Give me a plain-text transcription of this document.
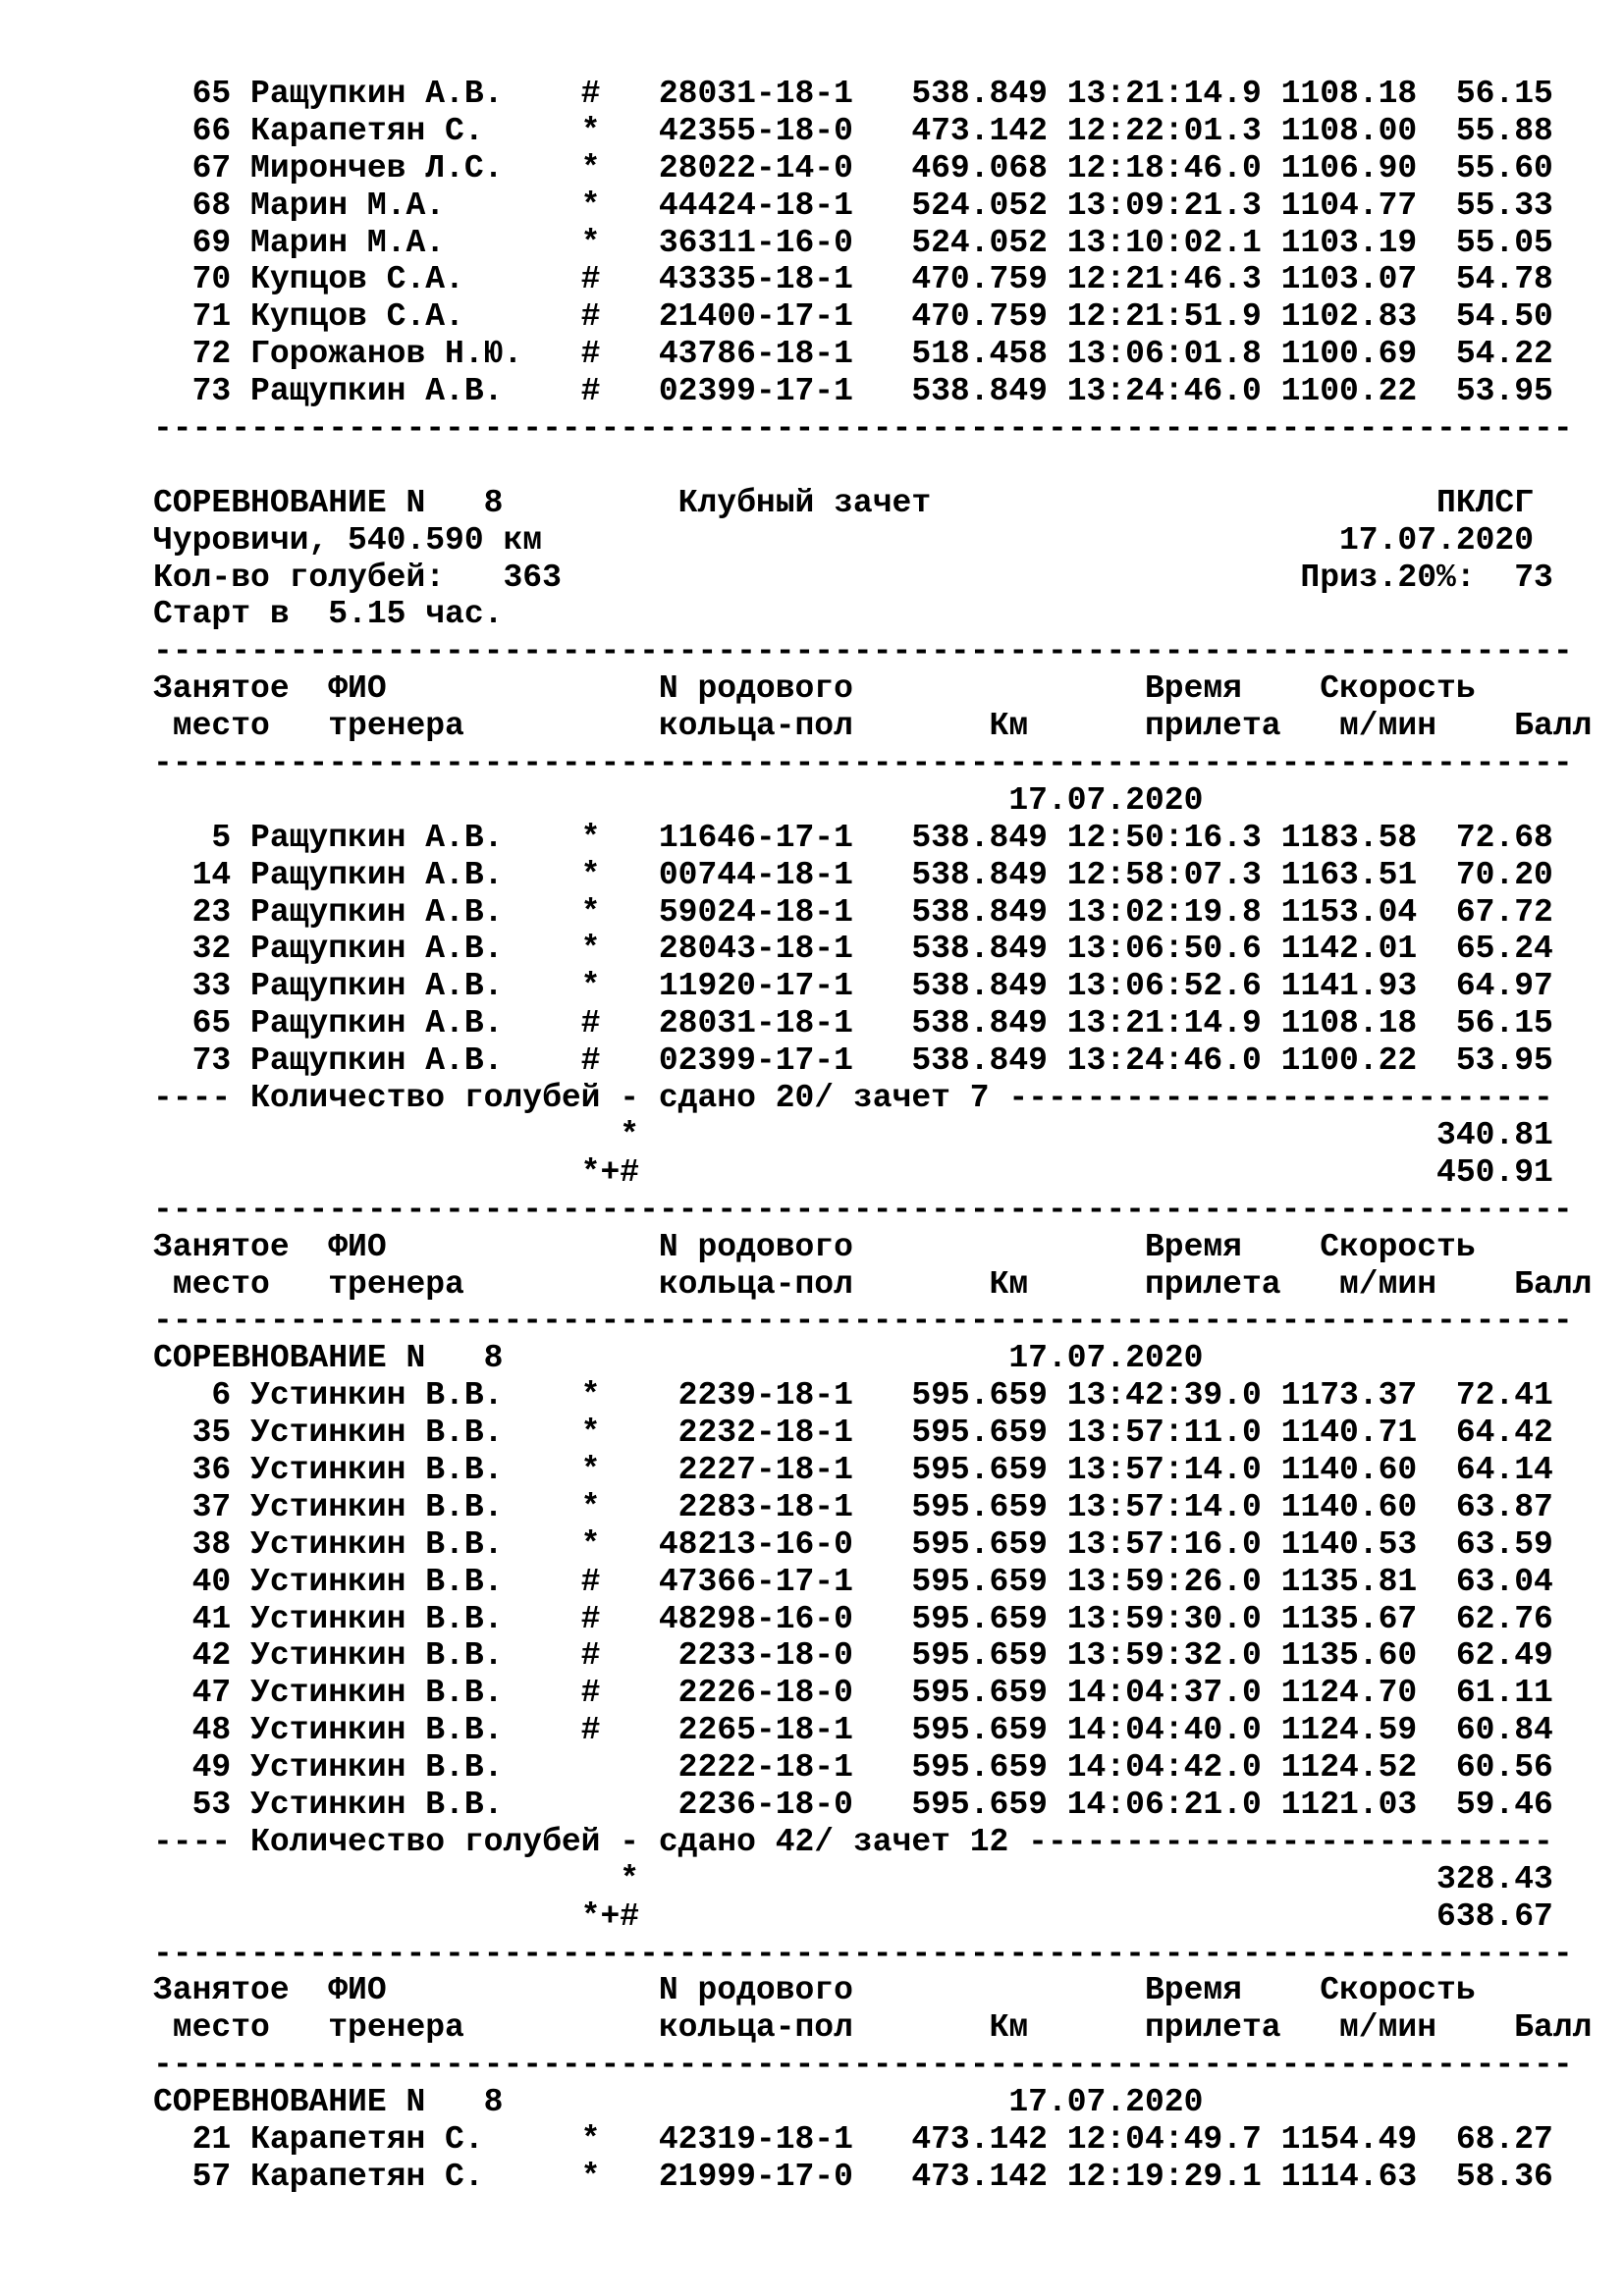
65 Ращупкин А.В.    #   28031-18-1   538.849 13:21:14.9 1108.18  56.15
66 Карапетян С.     *   42355-18-0   473.142 12:22:01.3 1108.00  55.88
67 Мирончев Л.С.    *   28022-14-0   469.068 12:18:46.0 1106.90  55.60
68 Марин М.А.       *   44424-18-1   524.052 13:09:21.3 1104.77  55.33
69 Марин М.А.       *   36311-16-0   524.052 13:10:02.1 1103.19  55.05
70 Купцов С.А.      #   43335-18-1   470.759 12:21:46.3 1103.07  54.78
71 Купцов С.А.      #   21400-17-1   470.759 12:21:51.9 1102.83  54.50
72 Горожанов Н.Ю.   #   43786-18-1   518.458 13:06:01.8 1100.69  54.22
73 Ращупкин А.В.    #   02399-17-1   538.849 13:24:46.0 1100.22  53.95
-------------------------------------------------------------------------
СОРЕВНОВАНИЕ N   8         Клубный зачет                          ПКЛСГ
Чуровичи, 540.590 км                                         17.07.2020
Кол-во голубей:   363                                      Приз.20%:  73
Старт в  5.15 час.
-------------------------------------------------------------------------
Занятое  ФИО              N родового               Время    Скорость
место   тренера          кольца-пол       Км      прилета   м/мин    Балл
-------------------------------------------------------------------------
17.07.2020
5 Ращупкин А.В.    *   11646-17-1   538.849 12:50:16.3 1183.58  72.68
14 Ращупкин А.В.    *   00744-18-1   538.849 12:58:07.3 1163.51  70.20
23 Ращупкин А.В.    *   59024-18-1   538.849 13:02:19.8 1153.04  67.72
32 Ращупкин А.В.    *   28043-18-1   538.849 13:06:50.6 1142.01  65.24
33 Ращупкин А.В.    *   11920-17-1   538.849 13:06:52.6 1141.93  64.97
65 Ращупкин А.В.    #   28031-18-1   538.849 13:21:14.9 1108.18  56.15
73 Ращупкин А.В.    #   02399-17-1   538.849 13:24:46.0 1100.22  53.95
---- Количество голубей - сдано 20/ зачет 7 ----------------------------
*                                         340.81
*+#                                         450.91
-------------------------------------------------------------------------
Занятое  ФИО              N родового               Время    Скорость
место   тренера          кольца-пол       Км      прилета   м/мин    Балл
-------------------------------------------------------------------------
СОРЕВНОВАНИЕ N   8                          17.07.2020
6 Устинкин В.В.    *    2239-18-1   595.659 13:42:39.0 1173.37  72.41
35 Устинкин В.В.    *    2232-18-1   595.659 13:57:11.0 1140.71  64.42
36 Устинкин В.В.    *    2227-18-1   595.659 13:57:14.0 1140.60  64.14
37 Устинкин В.В.    *    2283-18-1   595.659 13:57:14.0 1140.60  63.87
38 Устинкин В.В.    *   48213-16-0   595.659 13:57:16.0 1140.53  63.59
40 Устинкин В.В.    #   47366-17-1   595.659 13:59:26.0 1135.81  63.04
41 Устинкин В.В.    #   48298-16-0   595.659 13:59:30.0 1135.67  62.76
42 Устинкин В.В.    #    2233-18-0   595.659 13:59:32.0 1135.60  62.49
47 Устинкин В.В.    #    2226-18-0   595.659 14:04:37.0 1124.70  61.11
48 Устинкин В.В.    #    2265-18-1   595.659 14:04:40.0 1124.59  60.84
49 Устинкин В.В.         2222-18-1   595.659 14:04:42.0 1124.52  60.56
53 Устинкин В.В.         2236-18-0   595.659 14:06:21.0 1121.03  59.46
---- Количество голубей - сдано 42/ зачет 12 ---------------------------
*                                         328.43
*+#                                         638.67
-------------------------------------------------------------------------
Занятое  ФИО              N родового               Время    Скорость
место   тренера          кольца-пол       Км      прилета   м/мин    Балл
-------------------------------------------------------------------------
СОРЕВНОВАНИЕ N   8                          17.07.2020
21 Карапетян С.     *   42319-18-1   473.142 12:04:49.7 1154.49  68.27
57 Карапетян С.     *   21999-17-0   473.142 12:19:29.1 1114.63  58.36
